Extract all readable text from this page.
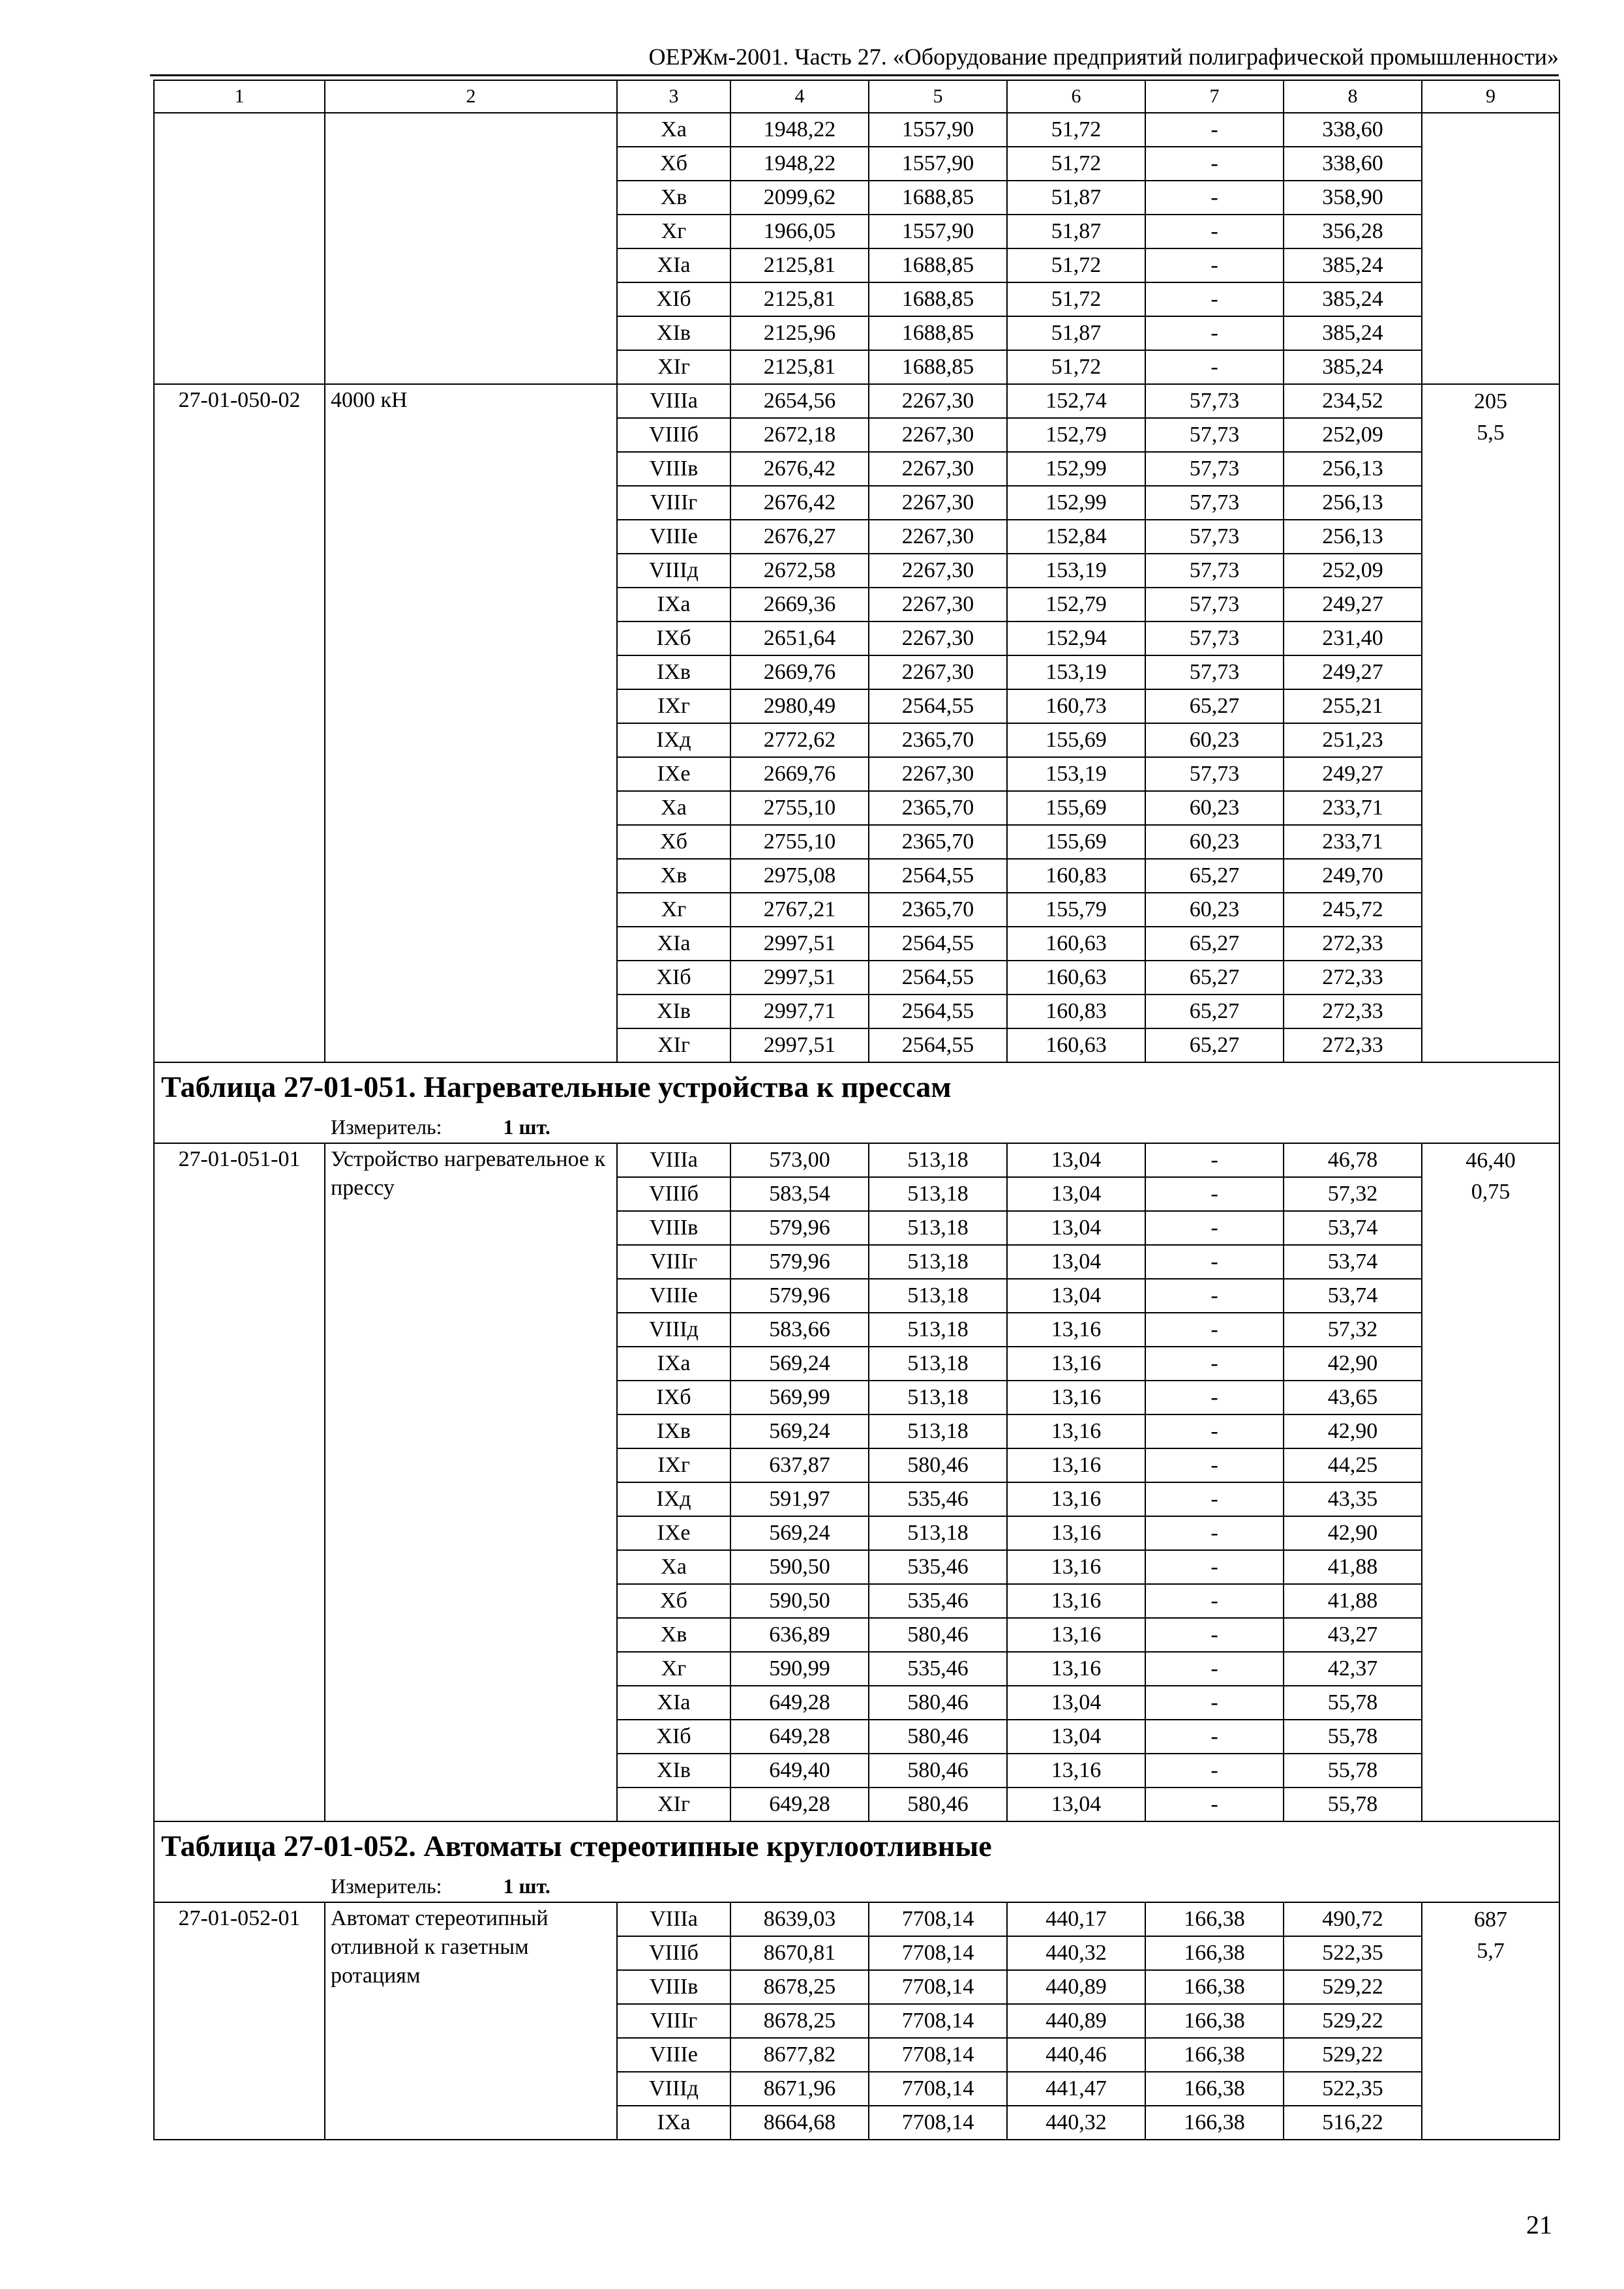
ОЕРЖм-2001. Часть 27. «Оборудование предприятий полиграфической промышленности»
1	2	3	4	5	6	7	8	9
		Xa	1948,22	1557,90	51,72	-	338,60	
		Xб	1948,22	1557,90	51,72	-	338,60	
		Xв	2099,62	1688,85	51,87	-	358,90	
		Xг	1966,05	1557,90	51,87	-	356,28	
		XIa	2125,81	1688,85	51,72	-	385,24	
		XIб	2125,81	1688,85	51,72	-	385,24	
		XIв	2125,96	1688,85	51,87	-	385,24	
		XIг	2125,81	1688,85	51,72	-	385,24	
27-01-050-02	4000 кН	VIIIa	2654,56	2267,30	152,74	57,73	234,52	205
5,5

		VIIIб	2672,18	2267,30	152,79	57,73	252,09	
		VIIIв	2676,42	2267,30	152,99	57,73	256,13	
		VIIIг	2676,42	2267,30	152,99	57,73	256,13	
		VIIIе	2676,27	2267,30	152,84	57,73	256,13	
		VIIIд	2672,58	2267,30	153,19	57,73	252,09	
		IXa	2669,36	2267,30	152,79	57,73	249,27	
		IXб	2651,64	2267,30	152,94	57,73	231,40	
		IXв	2669,76	2267,30	153,19	57,73	249,27	
		IXг	2980,49	2564,55	160,73	65,27	255,21	
		IXд	2772,62	2365,70	155,69	60,23	251,23	
		IXе	2669,76	2267,30	153,19	57,73	249,27	
		Xa	2755,10	2365,70	155,69	60,23	233,71	
		Xб	2755,10	2365,70	155,69	60,23	233,71	
		Xв	2975,08	2564,55	160,83	65,27	249,70	
		Xг	2767,21	2365,70	155,79	60,23	245,72	
		XIa	2997,51	2564,55	160,63	65,27	272,33	
		XIб	2997,51	2564,55	160,63	65,27	272,33	
		XIв	2997,71	2564,55	160,83	65,27	272,33	
		XIг	2997,51	2564,55	160,63	65,27	272,33	
Таблица 27-01-051. Нагревательные устройства к прессам								
Измеритель: 1 шт.								
27-01-051-01	Устройство нагревательное к прессу	VIIIa	573,00	513,18	13,04	-	46,78	46,40
0,75

		VIIIб	583,54	513,18	13,04	-	57,32	
		VIIIв	579,96	513,18	13,04	-	53,74	
		VIIIг	579,96	513,18	13,04	-	53,74	
		VIIIе	579,96	513,18	13,04	-	53,74	
		VIIIд	583,66	513,18	13,16	-	57,32	
		IXa	569,24	513,18	13,16	-	42,90	
		IXб	569,99	513,18	13,16	-	43,65	
		IXв	569,24	513,18	13,16	-	42,90	
		IXг	637,87	580,46	13,16	-	44,25	
		IXд	591,97	535,46	13,16	-	43,35	
		IXе	569,24	513,18	13,16	-	42,90	
		Xa	590,50	535,46	13,16	-	41,88	
		Xб	590,50	535,46	13,16	-	41,88	
		Xв	636,89	580,46	13,16	-	43,27	
		Xг	590,99	535,46	13,16	-	42,37	
		XIa	649,28	580,46	13,04	-	55,78	
		XIб	649,28	580,46	13,04	-	55,78	
		XIв	649,40	580,46	13,16	-	55,78	
		XIг	649,28	580,46	13,04	-	55,78	
Таблица 27-01-052. Автоматы стереотипные круглоотливные								
Измеритель: 1 шт.								
27-01-052-01	Автомат стереотипный отливной к газетным ротациям	VIIIa	8639,03	7708,14	440,17	166,38	490,72	687
5,7

		VIIIб	8670,81	7708,14	440,32	166,38	522,35	
		VIIIв	8678,25	7708,14	440,89	166,38	529,22	
		VIIIг	8678,25	7708,14	440,89	166,38	529,22	
		VIIIе	8677,82	7708,14	440,46	166,38	529,22	
		VIIIд	8671,96	7708,14	441,47	166,38	522,35	
		IXa	8664,68	7708,14	440,32	166,38	516,22	
21
